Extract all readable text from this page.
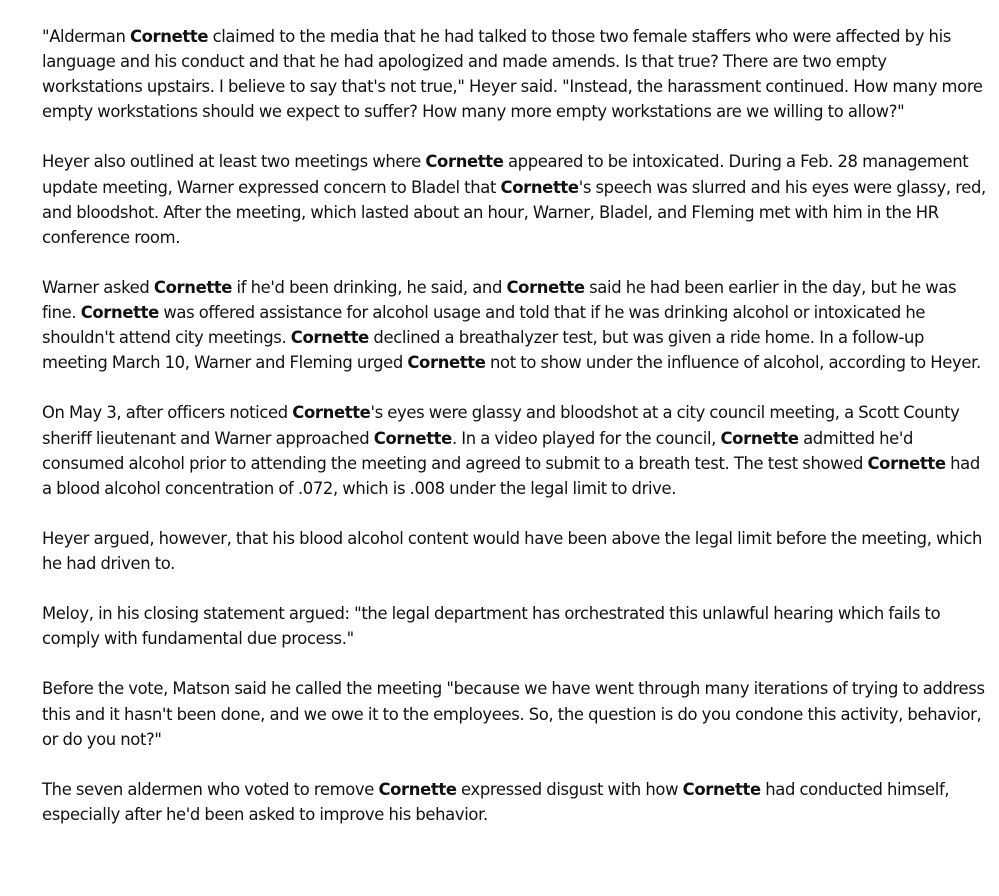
"Alderman Cornette claimed to the media that he had talked to those two female staffers who were affected by his language and his conduct and that he had apologized and made amends. Is that true? There are two empty workstations upstairs. I believe to say that's not true," Heyer said. "Instead, the harassment continued. How many more empty workstations should we expect to suffer? How many more empty workstations are we willing to allow?"

Heyer also outlined at least two meetings where Cornette appeared to be intoxicated. During a Feb. 28 management update meeting, Warner expressed concern to Bladel that Cornette's speech was slurred and his eyes were glassy, red, and bloodshot. After the meeting, which lasted about an hour, Warner, Bladel, and Fleming met with him in the HR conference room.

Warner asked Cornette if he'd been drinking, he said, and Cornette said he had been earlier in the day, but he was fine. Cornette was offered assistance for alcohol usage and told that if he was drinking alcohol or intoxicated he shouldn't attend city meetings. Cornette declined a breathalyzer test, but was given a ride home. In a follow-up meeting March 10, Warner and Fleming urged Cornette not to show under the influence of alcohol, according to Heyer.

On May 3, after officers noticed Cornette's eyes were glassy and bloodshot at a city council meeting, a Scott County sheriff lieutenant and Warner approached Cornette. In a video played for the council, Cornette admitted he'd consumed alcohol prior to attending the meeting and agreed to submit to a breath test. The test showed Cornette had a blood alcohol concentration of .072, which is .008 under the legal limit to drive.

Heyer argued, however, that his blood alcohol content would have been above the legal limit before the meeting, which he had driven to.

Meloy, in his closing statement argued: "the legal department has orchestrated this unlawful hearing which fails to comply with fundamental due process."

Before the vote, Matson said he called the meeting "because we have went through many iterations of trying to address this and it hasn't been done, and we owe it to the employees. So, the question is do you condone this activity, behavior, or do you not?"

The seven aldermen who voted to remove Cornette expressed disgust with how Cornette had conducted himself, especially after he'd been asked to improve his behavior.
